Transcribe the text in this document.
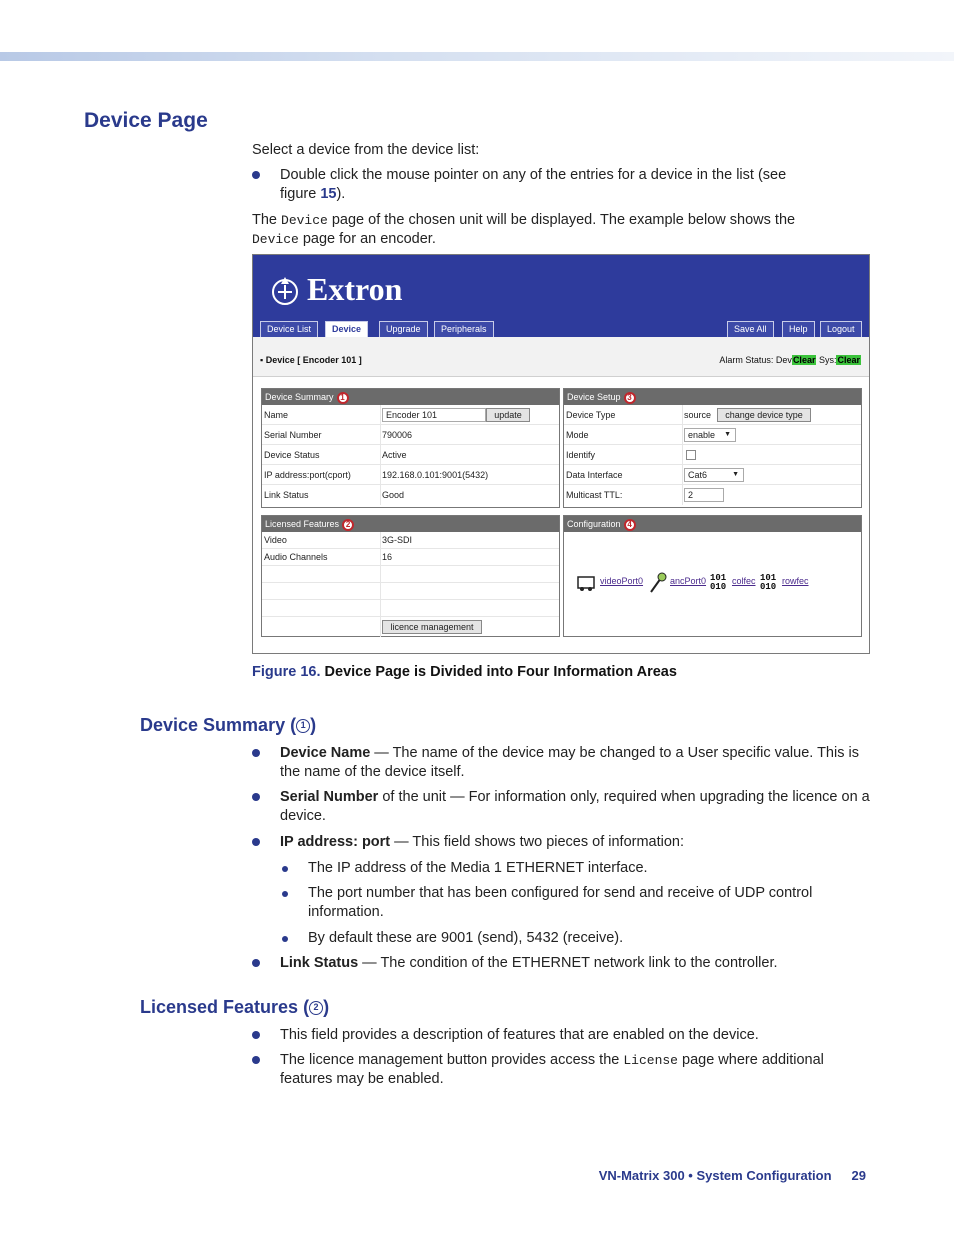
Device Page
Select a device from the device list:
Double click the mouse pointer on any of the entries for a device in the list (see figure 15).
The Device page of the chosen unit will be displayed. The example below shows the
Device page for an encoder.
Extron
Device List	Device	Upgrade	Peripherals	Save All	Help	Logout
▪ Device [ Encoder 101 ]	Alarm Status: DevClear Sys:Clear
Device Summary 1
Name	Encoder 101	update
Serial Number	790006
Device Status	Active
IP address:port(cport)	192.168.0.101:9001(5432)
Link Status	Good
Device Setup 3
Device Type	source	change device type
Mode	enable ▼
Identify
Data Interface	Cat6	▼
Multicast TTL:	2
Licensed Features 2
Video	3G-SDI
Audio Channels	16
licence management
Configuration 4
videoPort0	ancPort0 101
010
colfec 101
010
rowfec
Figure 16. Device Page is Divided into Four Information Areas
Device Summary ( 1 )
Device Name — The name of the device may be changed to a User specific value. This is the name of the device itself.
Serial Number of the unit — For information only, required when upgrading the licence on a device.
IP address: port — This field shows two pieces of information:
The IP address of the Media 1 ETHERNET interface.
The port number that has been configured for send and receive of UDP control information.
By default these are 9001 (send), 5432 (receive).
Link Status — The condition of the ETHERNET network link to the controller.
Licensed Features ( 2 )
This field provides a description of features that are enabled on the device.
The licence management button provides access the License page where additional features may be enabled.
VN-Matrix 300 • System Configuration 29
